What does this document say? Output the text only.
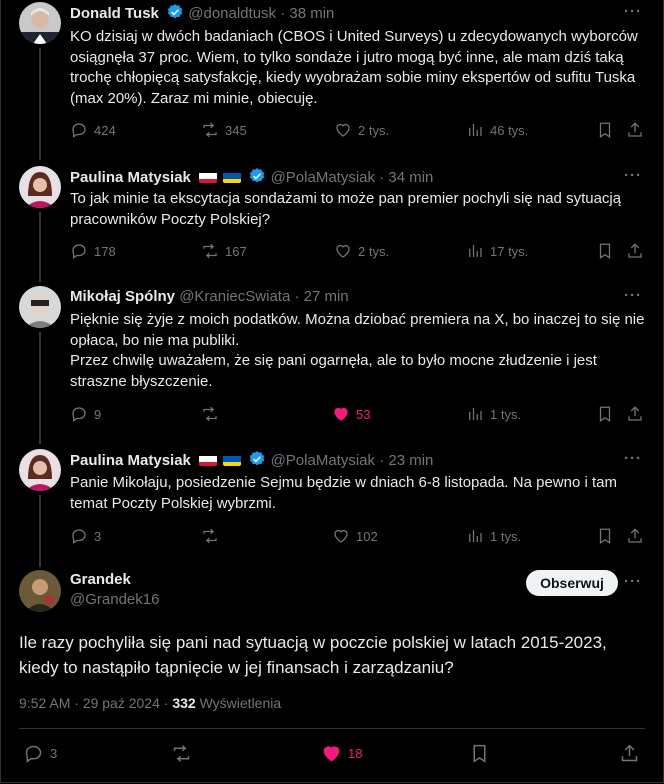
Donald Tusk @donaldtusk · 38 min	···
KO dzisiaj w dwóch badaniach (CBOS i United Surveys) u zdecydowanych wyborców osiągnęła 37 proc. Wiem, to tylko sondaże i jutro mogą być inne, ale mam dziś taką trochę chłopięcą satysfakcję, kiedy wyobrażam sobie miny ekspertów od sufitu Tuska (max 20%). Zaraz mi minie, obiecuję.
424	345	2 tys.	46 tys.
Paulina Matysiak	@PolaMatysiak · 34 min	···
To jak minie ta ekscytacja sondażami to może pan premier pochyli się nad sytuacją pracowników Poczty Polskiej?
178	167	2 tys.	17 tys.
Mikołaj Spólny @KraniecSwiata · 27 min	···
Pięknie się żyje z moich podatków. Można dziobać premiera na X, bo inaczej to się nie opłaca, bo nie ma publiki.
Przez chwilę uważałem, że się pani ogarnęła, ale to było mocne złudzenie i jest straszne błyszczenie.
9	53	1 tys.
Paulina Matysiak	@PolaMatysiak · 23 min	···
Panie Mikołaju, posiedzenie Sejmu będzie w dniach 6-8 listopada. Na pewno i tam temat Poczty Polskiej wybrzmi.
3	102	1 tys.
Grandek
@Grandek16
Obserwuj	···
Ile razy pochyliła się pani nad sytuacją w poczcie polskiej w latach 2015-2023, kiedy to nastąpiło tąpnięcie w jej finansach i zarządzaniu?
9:52 AM · 29 paź 2024 · 332 Wyświetlenia
3	18
